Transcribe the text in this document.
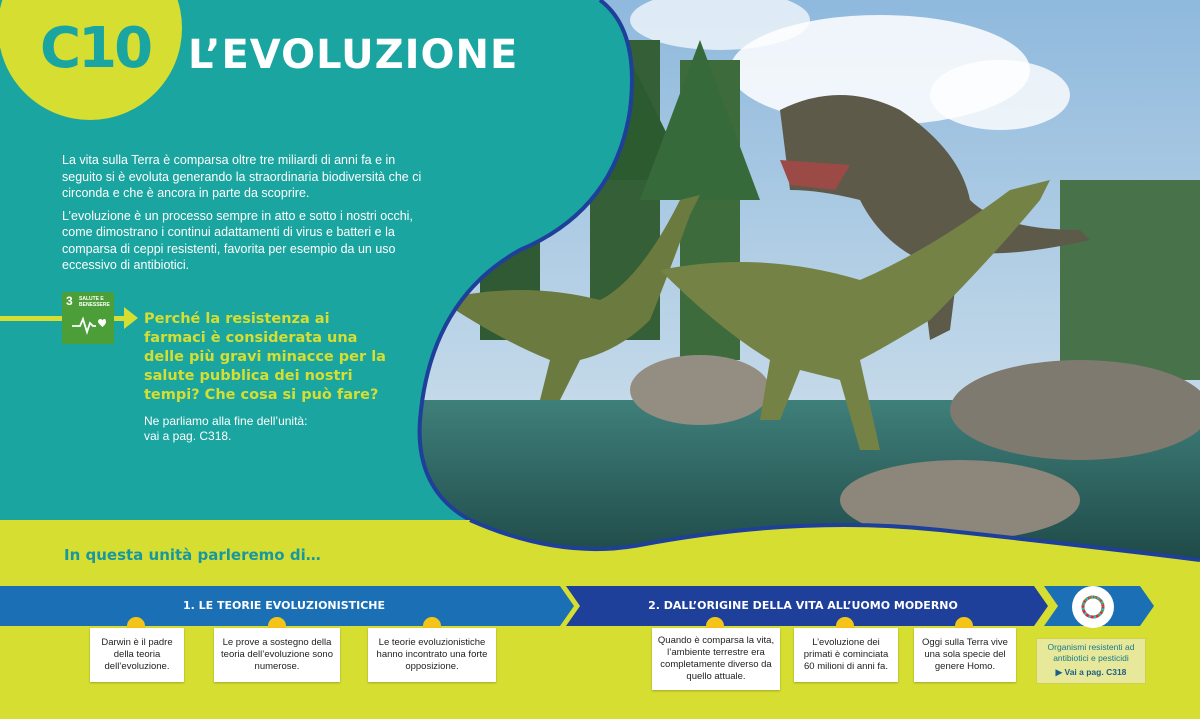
C10 L’EVOLUZIONE

La vita sulla Terra è comparsa oltre tre miliardi di anni fa e in seguito si è evoluta generando la straordinaria biodiversità che ci circonda e che è ancora in parte da scoprire.

L’evoluzione è un processo sempre in atto e sotto i nostri occhi, come dimostrano i continui adattamenti di virus e batteri e la comparsa di ceppi resistenti, favorita per esempio da un uso eccessivo di antibiotici.

3 SALUTE E BENESSERE
Perché la resistenza ai farmaci è considerata una delle più gravi minacce per la salute pubblica dei nostri tempi? Che cosa si può fare?
Ne parliamo alla fine dell’unità:
vai a pag. C318.
In questa unità parleremo di…
1. LE TEORIE EVOLUZIONISTICHE	2. DALL’ORIGINE DELLA VITA ALL’UOMO MODERNO
Darwin è il padre della teoria dell’evoluzione.
Le prove a sostegno della teoria dell’evoluzione sono numerose.
Le teorie evoluzionistiche hanno incontrato una forte opposizione.
Quando è comparsa la vita, l’ambiente terrestre era completamente diverso da quello attuale.
L’evoluzione dei primati è cominciata 60 milioni di anni fa.
Oggi sulla Terra vive una sola specie del genere Homo.
Organismi resistenti ad antibiotici e pesticidi
▶ Vai a pag. C318
